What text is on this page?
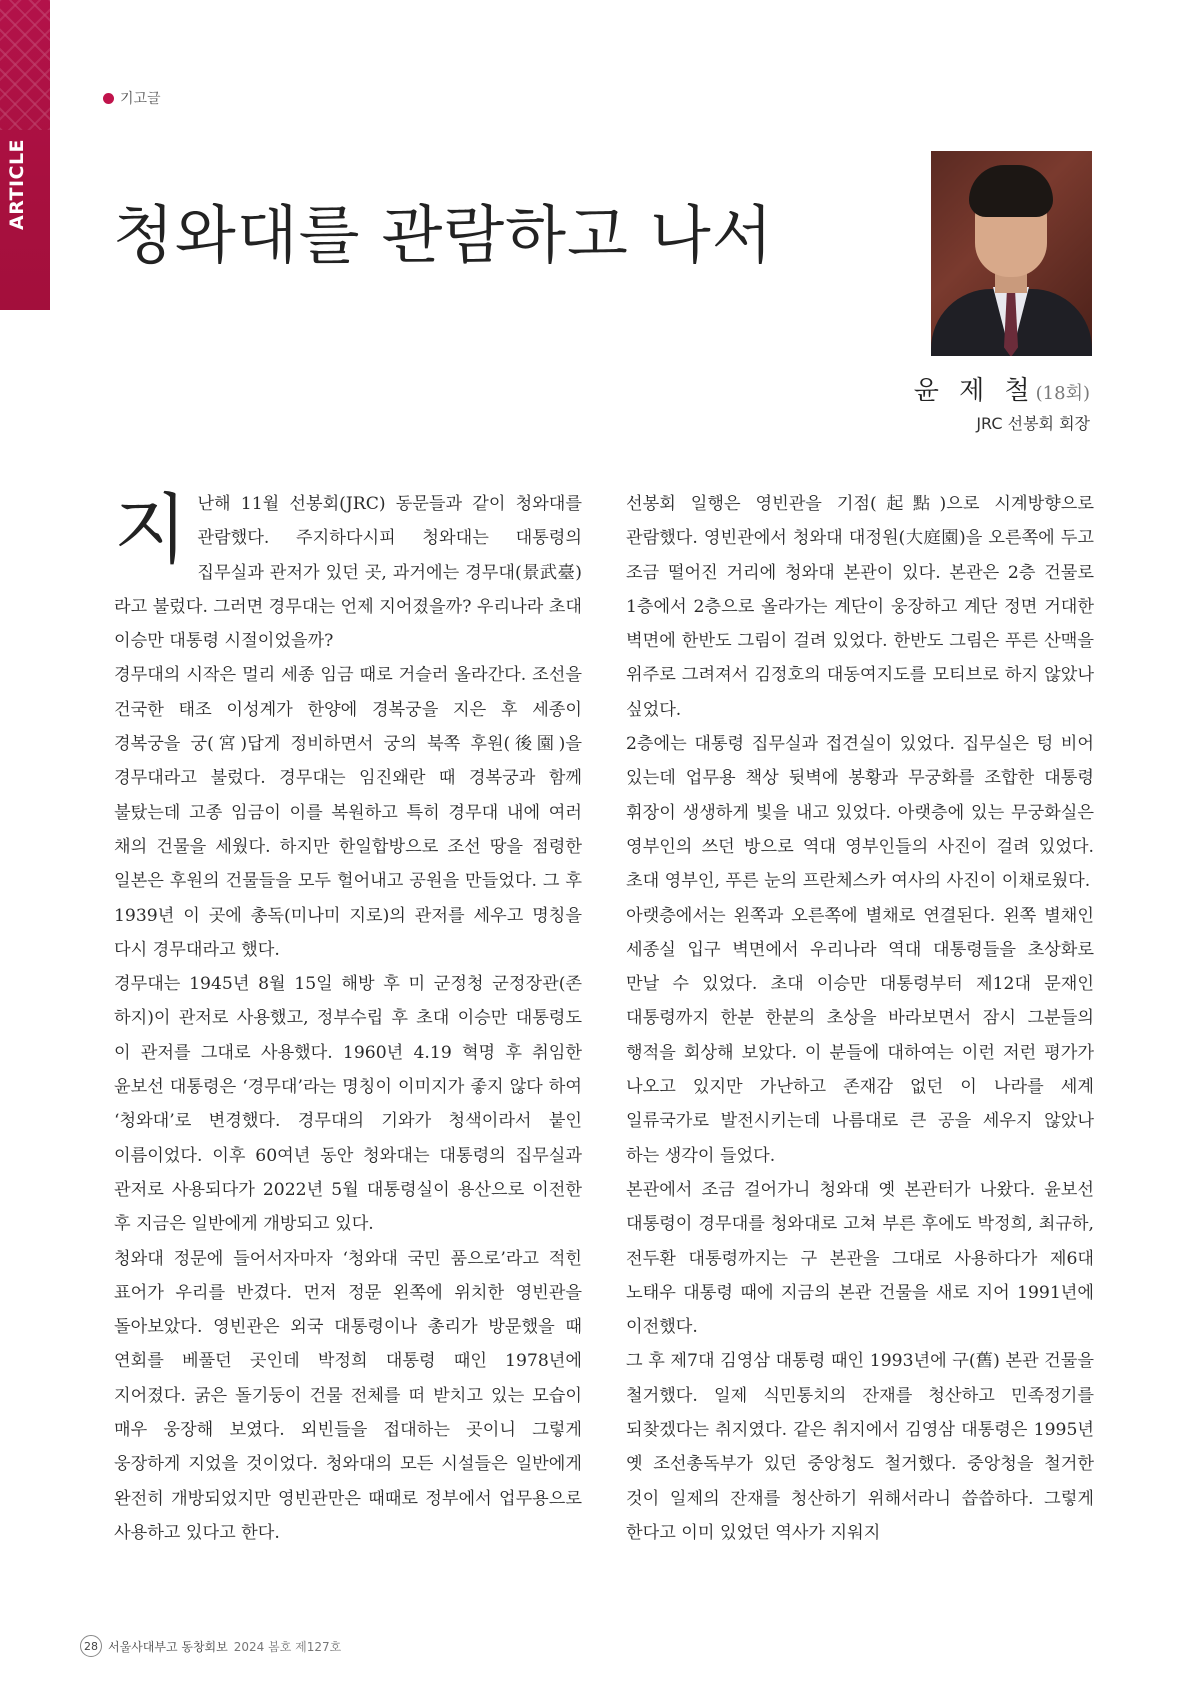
ARTICLE
기고글
청와대를 관람하고 나서
윤 제 철(18회)
JRC 선봉회 회장

지난해 11월 선봉회(JRC) 동문들과 같이 청와대를 관람했다. 주지하다시피 청와대는 대통령의 집무실과 관저가 있던 곳, 과거에는 경무대(景武臺)라고 불렀다. 그러면 경무대는 언제 지어졌을까? 우리나라 초대 이승만 대통령 시절이었을까?

경무대의 시작은 멀리 세종 임금 때로 거슬러 올라간다. 조선을 건국한 태조 이성계가 한양에 경복궁을 지은 후 세종이 경복궁을 궁(宮)답게 정비하면서 궁의 북쪽 후원(後園)을 경무대라고 불렀다. 경무대는 임진왜란 때 경복궁과 함께 불탔는데 고종 임금이 이를 복원하고 특히 경무대 내에 여러 채의 건물을 세웠다. 하지만 한일합방으로 조선 땅을 점령한 일본은 후원의 건물들을 모두 헐어내고 공원을 만들었다. 그 후 1939년 이 곳에 총독(미나미 지로)의 관저를 세우고 명칭을 다시 경무대라고 했다.

경무대는 1945년 8월 15일 해방 후 미 군정청 군정장관(존 하지)이 관저로 사용했고, 정부수립 후 초대 이승만 대통령도 이 관저를 그대로 사용했다. 1960년 4.19 혁명 후 취임한 윤보선 대통령은 ‘경무대’라는 명칭이 이미지가 좋지 않다 하여 ‘청와대’로 변경했다. 경무대의 기와가 청색이라서 붙인 이름이었다. 이후 60여년 동안 청와대는 대통령의 집무실과 관저로 사용되다가 2022년 5월 대통령실이 용산으로 이전한 후 지금은 일반에게 개방되고 있다.

청와대 정문에 들어서자마자 ‘청와대 국민 품으로’라고 적힌 표어가 우리를 반겼다. 먼저 정문 왼쪽에 위치한 영빈관을 돌아보았다. 영빈관은 외국 대통령이나 총리가 방문했을 때 연회를 베풀던 곳인데 박정희 대통령 때인 1978년에 지어졌다. 굵은 돌기둥이 건물 전체를 떠 받치고 있는 모습이 매우 웅장해 보였다. 외빈들을 접대하는 곳이니 그렇게 웅장하게 지었을 것이었다. 청와대의 모든 시설들은 일반에게 완전히 개방되었지만 영빈관만은 때때로 정부에서 업무용으로 사용하고 있다고 한다.

선봉회 일행은 영빈관을 기점(起點)으로 시계방향으로 관람했다. 영빈관에서 청와대 대정원(大庭園)을 오른쪽에 두고 조금 떨어진 거리에 청와대 본관이 있다. 본관은 2층 건물로 1층에서 2층으로 올라가는 계단이 웅장하고 계단 정면 거대한 벽면에 한반도 그림이 걸려 있었다. 한반도 그림은 푸른 산맥을 위주로 그려져서 김정호의 대동여지도를 모티브로 하지 않았나 싶었다.

2층에는 대통령 집무실과 접견실이 있었다. 집무실은 텅 비어 있는데 업무용 책상 뒷벽에 봉황과 무궁화를 조합한 대통령 휘장이 생생하게 빛을 내고 있었다. 아랫층에 있는 무궁화실은 영부인의 쓰던 방으로 역대 영부인들의 사진이 걸려 있었다. 초대 영부인, 푸른 눈의 프란체스카 여사의 사진이 이채로웠다.

아랫층에서는 왼쪽과 오른쪽에 별채로 연결된다. 왼쪽 별채인 세종실 입구 벽면에서 우리나라 역대 대통령들을 초상화로 만날 수 있었다. 초대 이승만 대통령부터 제12대 문재인 대통령까지 한분 한분의 초상을 바라보면서 잠시 그분들의 행적을 회상해 보았다. 이 분들에 대하여는 이런 저런 평가가 나오고 있지만 가난하고 존재감 없던 이 나라를 세계 일류국가로 발전시키는데 나름대로 큰 공을 세우지 않았나 하는 생각이 들었다.

본관에서 조금 걸어가니 청와대 옛 본관터가 나왔다. 윤보선 대통령이 경무대를 청와대로 고쳐 부른 후에도 박정희, 최규하, 전두환 대통령까지는 구 본관을 그대로 사용하다가 제6대 노태우 대통령 때에 지금의 본관 건물을 새로 지어 1991년에 이전했다.

그 후 제7대 김영삼 대통령 때인 1993년에 구(舊) 본관 건물을 철거했다. 일제 식민통치의 잔재를 청산하고 민족정기를 되찾겠다는 취지였다. 같은 취지에서 김영삼 대통령은 1995년 옛 조선총독부가 있던 중앙청도 철거했다. 중앙청을 철거한 것이 일제의 잔재를 청산하기 위해서라니 씁씁하다. 그렇게 한다고 이미 있었던 역사가 지워지

28 서울사대부고 동창회보 2024 봄호 제127호
